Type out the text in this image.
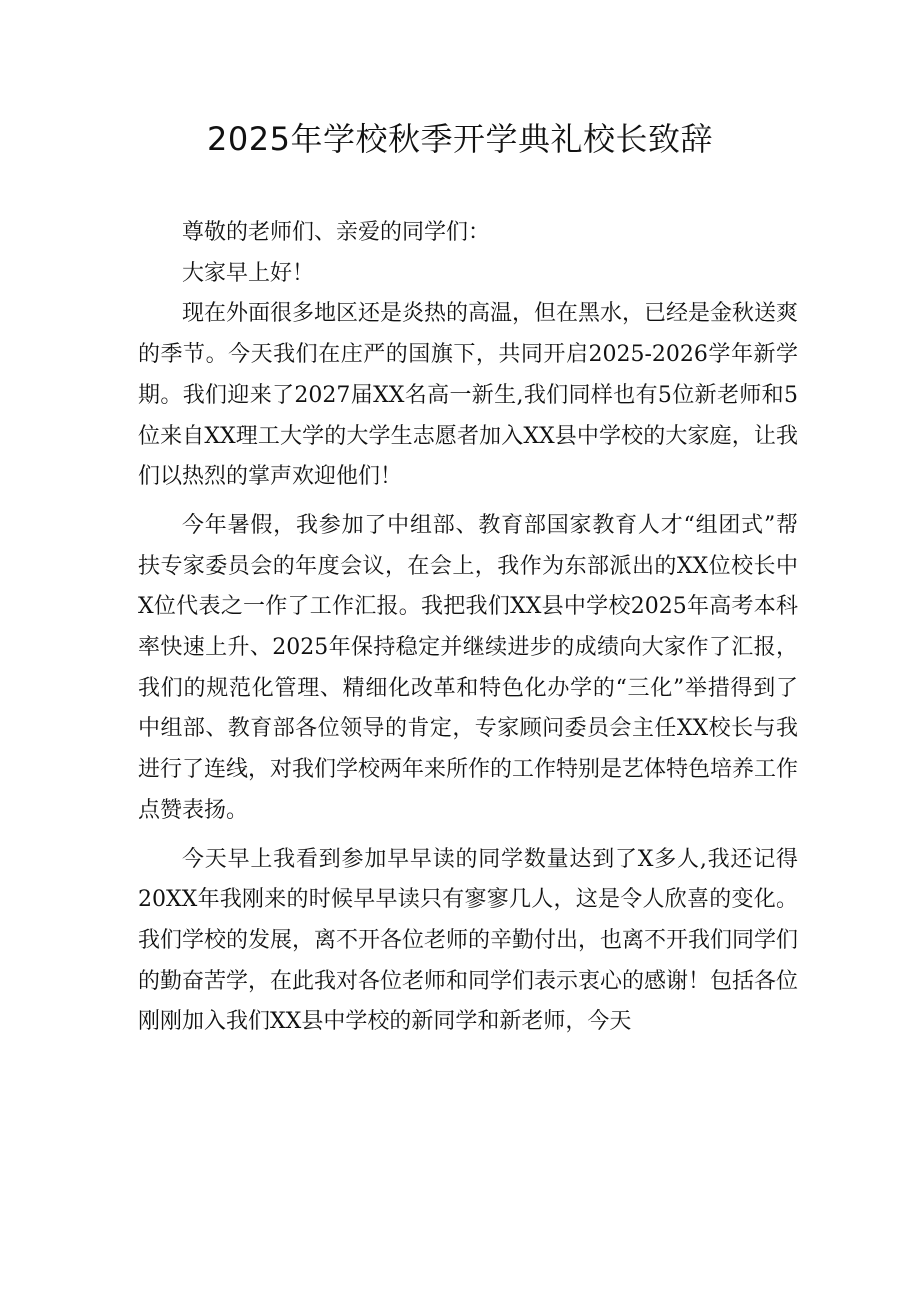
2025年学校秋季开学典礼校长致辞

尊敬的老师们、亲爱的同学们：

大家早上好！

现在外面很多地区还是炎热的高温，但在黑水，已经是金秋送爽的季节。今天我们在庄严的国旗下，共同开启2025-2026学年新学期。我们迎来了2027届XX名高一新生,我们同样也有5位新老师和5位来自XX理工大学的大学生志愿者加入XX县中学校的大家庭，让我们以热烈的掌声欢迎他们！

今年暑假，我参加了中组部、教育部国家教育人才“组团式”帮扶专家委员会的年度会议，在会上，我作为东部派出的XX位校长中X位代表之一作了工作汇报。我把我们XX县中学校2025年高考本科率快速上升、2025年保持稳定并继续进步的成绩向大家作了汇报，我们的规范化管理、精细化改革和特色化办学的“三化”举措得到了中组部、教育部各位领导的肯定，专家顾问委员会主任XX校长与我进行了连线，对我们学校两年来所作的工作特别是艺体特色培养工作点赞表扬。

今天早上我看到参加早早读的同学数量达到了X多人,我还记得20XX年我刚来的时候早早读只有寥寥几人，这是令人欣喜的变化。我们学校的发展，离不开各位老师的辛勤付出，也离不开我们同学们的勤奋苦学，在此我对各位老师和同学们表示衷心的感谢！包括各位刚刚加入我们XX县中学校的新同学和新老师，今天
